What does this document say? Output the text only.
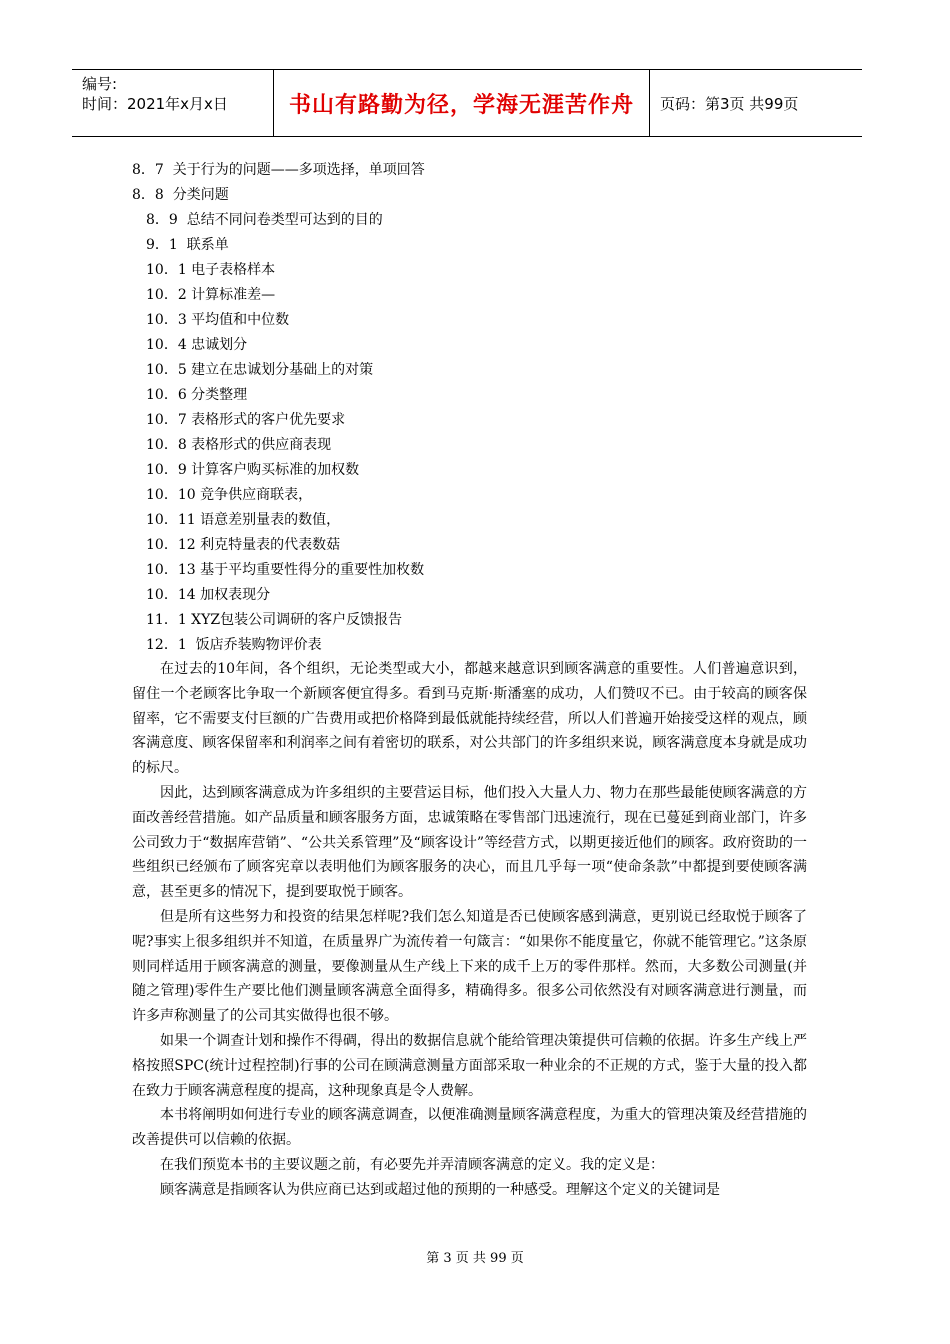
编号:
时间：2021年x月x日	书山有路勤为径，学海无涯苦作舟	页码：第3页 共99页
8．7  关于行为的问题——多项选择，单项回答
8．8  分类问题
8．9  总结不同问卷类型可达到的目的
9．1  联系单
10．1 电子表格样本
10．2 计算标准差—
10．3 平均值和中位数
10．4 忠诚划分
10．5 建立在忠诚划分基础上的对策
10．6 分类整理
10．7 表格形式的客户优先要求
10．8 表格形式的供应商表现
10．9 计算客户购买标准的加权数
10．10 竞争供应商联表，
10．11 语意差别量表的数值，
10．12 利克特量表的代表数菇
10．13 基于平均重要性得分的重要性加枚数
10．14 加权表现分
11．1 XYZ包装公司调研的客户反馈报告
12．1  饭店乔装购物评价表

在过去的10年间，各个组织，无论类型或大小，都越来越意识到顾客满意的重要性。人们普遍意识到，留住一个老顾客比争取一个新顾客便宜得多。看到马克斯·斯潘塞的成功，人们赞叹不已。由于较高的顾客保留率，它不需要支付巨额的广告费用或把价格降到最低就能持续经营，所以人们普遍开始接受这样的观点，顾客满意度、顾客保留率和利润率之间有着密切的联系，对公共部门的许多组织来说，顾客满意度本身就是成功的标尺。

因此，达到顾客满意成为许多组织的主要营运目标，他们投入大量人力、物力在那些最能使顾客满意的方面改善经营措施。如产品质量和顾客服务方面，忠诚策略在零售部门迅速流行，现在已蔓延到商业部门，许多公司致力于“数据库营销”、“公共关系管理”及“顾客设计”等经营方式，以期更接近他们的顾客。政府资助的一些组织已经颁布了顾客宪章以表明他们为顾客服务的决心，而且几乎每一项“使命条款”中都提到要使顾客满意，甚至更多的情况下，提到要取悦于顾客。

但是所有这些努力和投资的结果怎样呢?我们怎么知道是否已使顾客感到满意，更别说已经取悦于顾客了呢?事实上很多组织并不知道，在质量界广为流传着一句箴言：“如果你不能度量它，你就不能管理它。”这条原则同样适用于顾客满意的测量，要像测量从生产线上下来的成千上万的零件那样。然而，大多数公司测量(并随之管理)零件生产要比他们测量顾客满意全面得多，精确得多。很多公司依然没有对顾客满意进行测量，而许多声称测量了的公司其实做得也很不够。

如果一个调查计划和操作不得碉，得出的数据信息就个能给管理决策提供可信赖的依据。许多生产线上严格按照SPC(统计过程控制)行事的公司在顾满意测量方面部采取一种业余的不正规的方式，鉴于大量的投入都在致力于顾客满意程度的提高，这种现象真是令人费解。

本书将阐明如何进行专业的顾客满意调查，以便准确测量顾客满意程度，为重大的管理决策及经营措施的改善提供可以信赖的依据。

在我们预览本书的主要议题之前，有必要先并弄清顾客满意的定义。我的定义是：

顾客满意是指顾客认为供应商已达到或超过他的预期的一种感受。理解这个定义的关键词是

第 3 页 共 99 页
